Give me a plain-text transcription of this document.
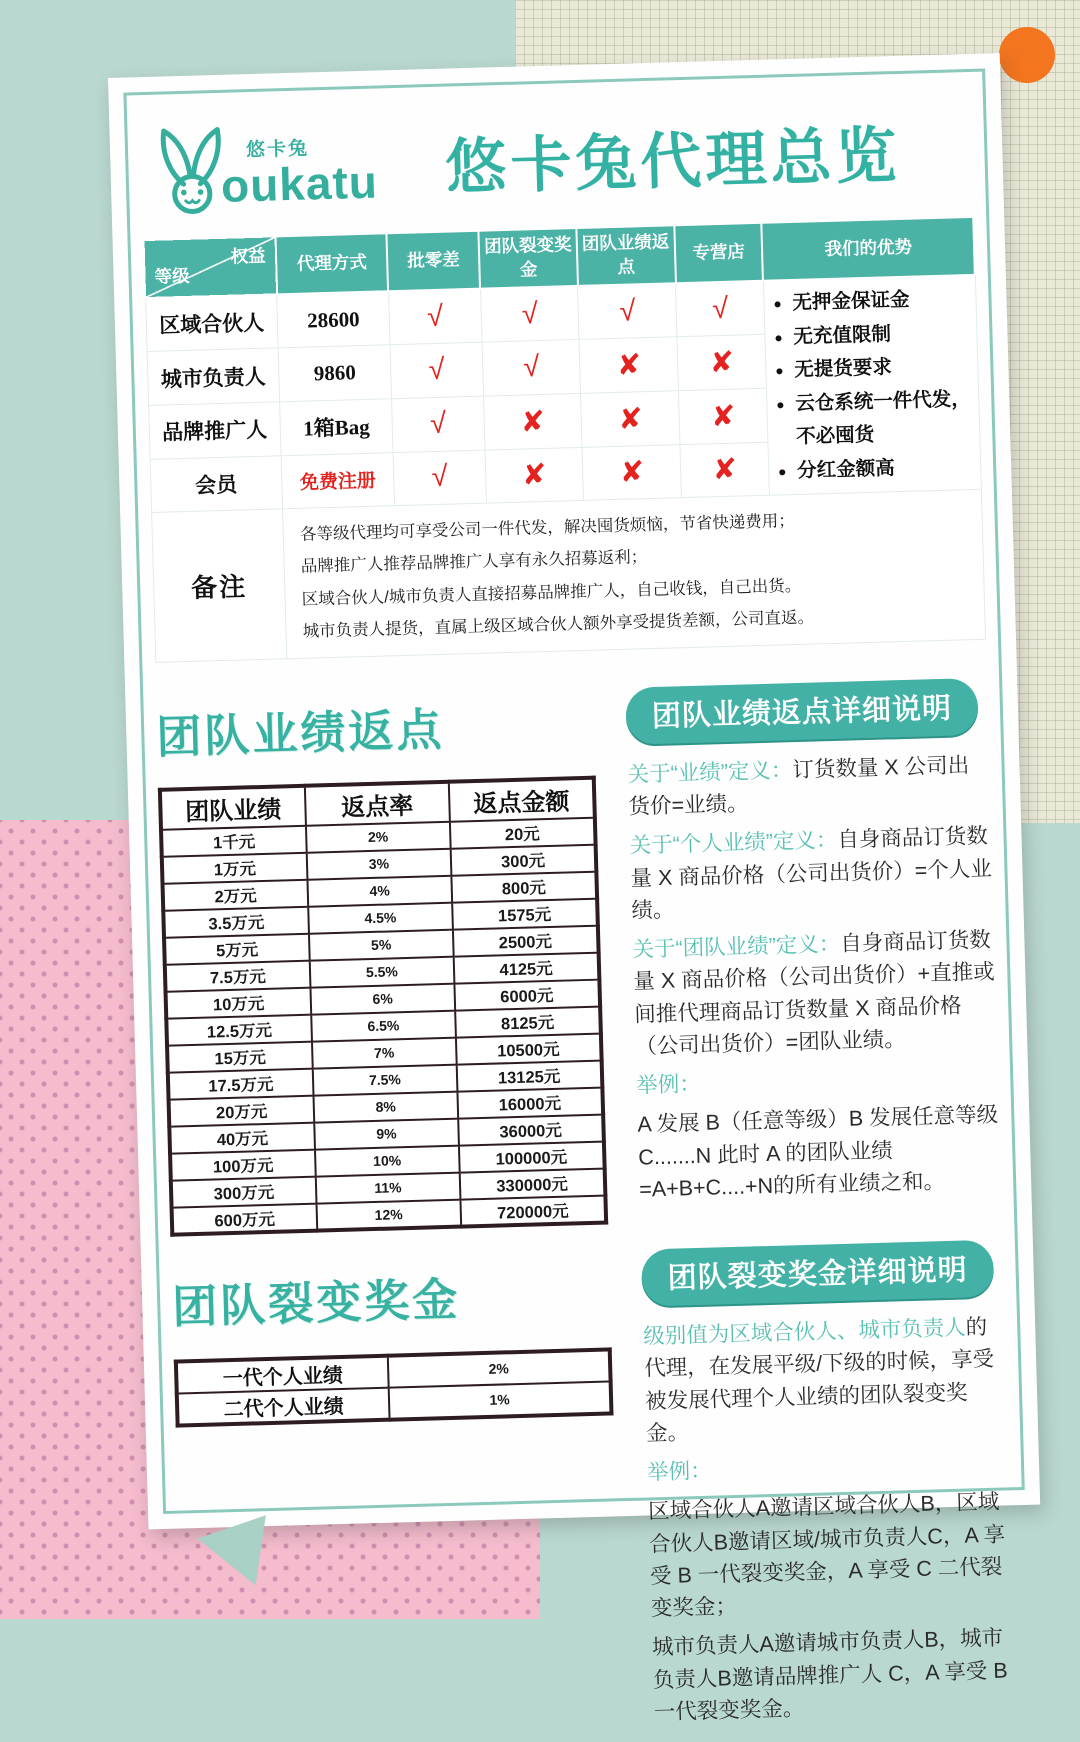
悠卡兔
oukatu	悠卡兔代理总览
权益
等级	代理方式	批零差	团队裂变奖金	团队业绩返点	专营店	我们的优势
区域合伙人	28600	√	√	√	√	
•无押金保证金
• 无充值限制
• 无提货要求
• 云仓系统一件代发，不必囤货
• 分红金额高

城市负责人	9860	√	√	✘	✘	
品牌推广人	1箱Bag	√	✘	✘	✘	
会员	免费注册	√	✘	✘	✘	
备注	各等级代理均可享受公司一件代发，解决囤货烦恼，节省快递费用；

品牌推广人推荐品牌推广人享有永久招募返利；

区域合伙人/城市负责人直接招募品牌推广人，自己收钱，自己出货。

城市负责人提货，直属上级区域合伙人额外享受提货差额，公司直返。					

团队业绩返点
团队业绩	返点率	返点金额
1千元	2%	20元
1万元	3%	300元
2万元	4%	800元
3.5万元	4.5%	1575元
5万元	5%	2500元
7.5万元	5.5%	4125元
10万元	6%	6000元
12.5万元	6.5%	8125元
15万元	7%	10500元
17.5万元	7.5%	13125元
20万元	8%	16000元
40万元	9%	36000元
100万元	10%	100000元
300万元	11%	330000元
600万元	12%	720000元
团队裂变奖金
一代个人业绩	2%
二代个人业绩	1%
团队业绩返点详细说明

关于“业绩”定义：订货数量 X 公司出货价=业绩。

关于“个人业绩”定义：自身商品订货数量 X 商品价格（公司出货价）=个人业绩。

关于“团队业绩”定义：自身商品订货数量 X 商品价格（公司出货价）+直推或间推代理商品订货数量 X 商品价格（公司出货价）=团队业绩。

举例：

A 发展 B（任意等级）B 发展任意等级 C.......N 此时 A 的团队业绩=A+B+C....+N的所有业绩之和。

团队裂变奖金详细说明

级别值为区域合伙人、城市负责人的代理，在发展平级/下级的时候，享受被发展代理个人业绩的团队裂变奖金。

举例：

区域合伙人A邀请区域合伙人B，区域合伙人B邀请区域/城市负责人C，A 享受 B 一代裂变奖金，A 享受 C 二代裂变奖金；

城市负责人A邀请城市负责人B，城市负责人B邀请品牌推广人 C，A 享受 B 一代裂变奖金。
